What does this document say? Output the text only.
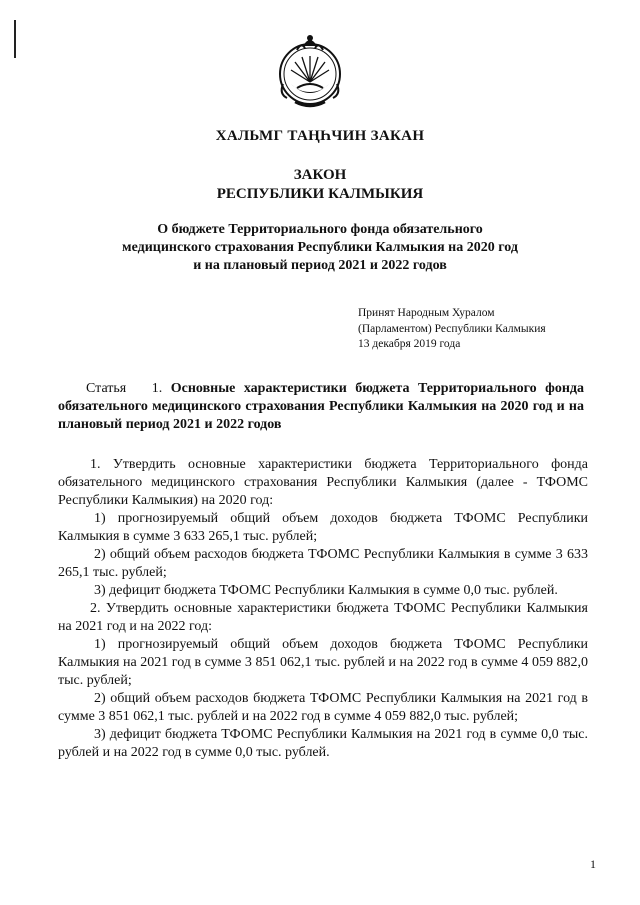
ХАЛЬМГ ТАҢҺЧИН ЗАКАН
ЗАКОН
РЕСПУБЛИКИ КАЛМЫКИЯ
О бюджете Территориального фонда обязательного
медицинского страхования Республики Калмыкия на 2020 год
и на плановый период 2021 и 2022 годов
Принят Народным Хуралом
(Парламентом) Республики Калмыкия
13 декабря 2019 года
Статья   1. Основные характеристики бюджета Территориального фонда обязательного медицинского страхования Республики Калмыкия на 2020 год и на плановый период 2021 и 2022 годов

1. Утвердить основные характеристики бюджета Территориального фонда обязательного медицинского страхования Республики Калмыкия (далее - ТФОМС Республики Калмыкия) на 2020 год:

1) прогнозируемый общий объем доходов бюджета ТФОМС Республики Калмыкия в сумме 3 633 265,1 тыс. рублей;

2) общий объем расходов бюджета ТФОМС Республики Калмыкия в сумме 3 633 265,1 тыс. рублей;

3) дефицит бюджета ТФОМС Республики Калмыкия в сумме 0,0 тыс. рублей.

2. Утвердить основные характеристики бюджета ТФОМС Республики Калмыкия на 2021 год и на 2022 год:

1) прогнозируемый общий объем доходов бюджета ТФОМС Республики Калмыкия на 2021 год в сумме 3 851 062,1 тыс. рублей и на 2022 год в сумме 4 059 882,0 тыс. рублей;

2) общий объем расходов бюджета ТФОМС Республики Калмыкия на 2021 год в сумме 3 851 062,1 тыс. рублей и на 2022 год в сумме 4 059 882,0 тыс. рублей;

3) дефицит бюджета ТФОМС Республики Калмыкия на 2021 год в сумме 0,0 тыс. рублей и на 2022 год в сумме 0,0 тыс. рублей.

1
